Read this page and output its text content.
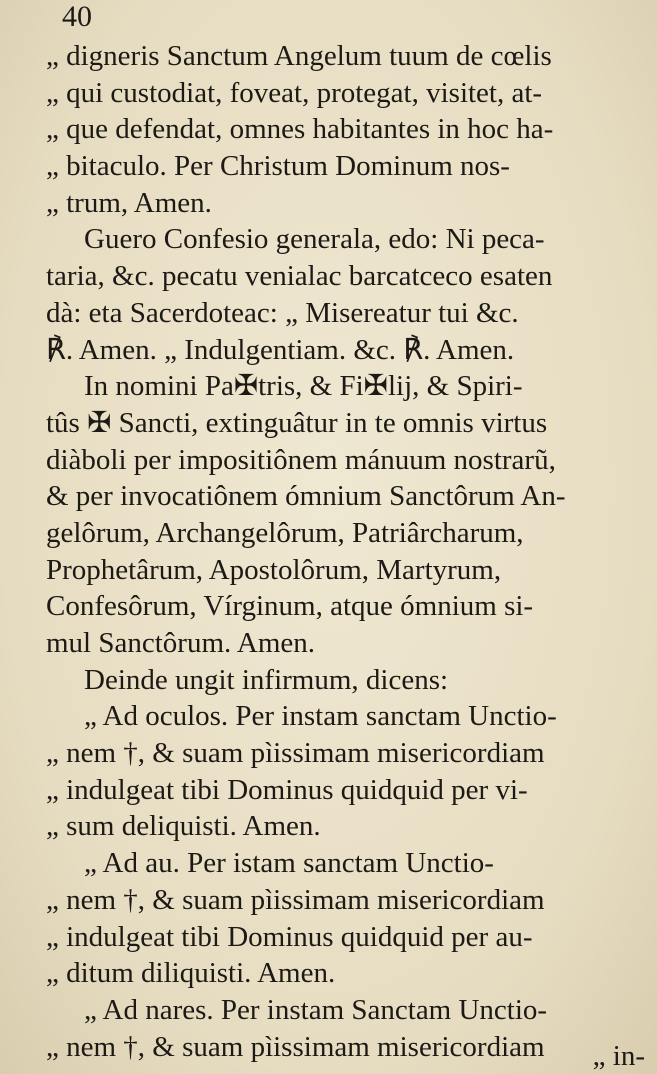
40
„ digneris Sanctum Angelum tuum de cœlis
„ qui custodiat, foveat, protegat, visitet, at-
„ que defendat, omnes habitantes in hoc ha-
„ bitaculo. Per Christum Dominum nos-
„ trum, Amen.
Guero Confesio generala, edo: Ni peca-
taria, &c. pecatu venialac barcatceco esaten
dà: eta Sacerdoteac: „ Misereatur tui &c.
℟. Amen. „ Indulgentiam. &c. ℟. Amen.
In nomini Pa✠tris, & Fi✠lij, & Spiri-
tûs ✠ Sancti, extinguâtur in te omnis virtus
diàboli per impositiônem mánuum nostrarũ,
& per invocatiônem ómnium Sanctôrum An-
gelôrum, Archangelôrum, Patriârcharum,
Prophetârum, Apostolôrum, Martyrum,
Confesôrum, Vírginum, atque ómnium si-
mul Sanctôrum. Amen.
Deinde ungit infirmum, dicens:
„ Ad oculos. Per instam sanctam Unctio-
„ nem †, & suam pìissimam misericordiam
„ indulgeat tibi Dominus quidquid per vi-
„ sum deliquisti. Amen.
„ Ad au. Per istam sanctam Unctio-
„ nem †, & suam pìissimam misericordiam
„ indulgeat tibi Dominus quidquid per au-
„ ditum diliquisti. Amen.
„ Ad nares. Per instam Sanctam Unctio-
„ nem †, & suam pìissimam misericordiam	„ in-
